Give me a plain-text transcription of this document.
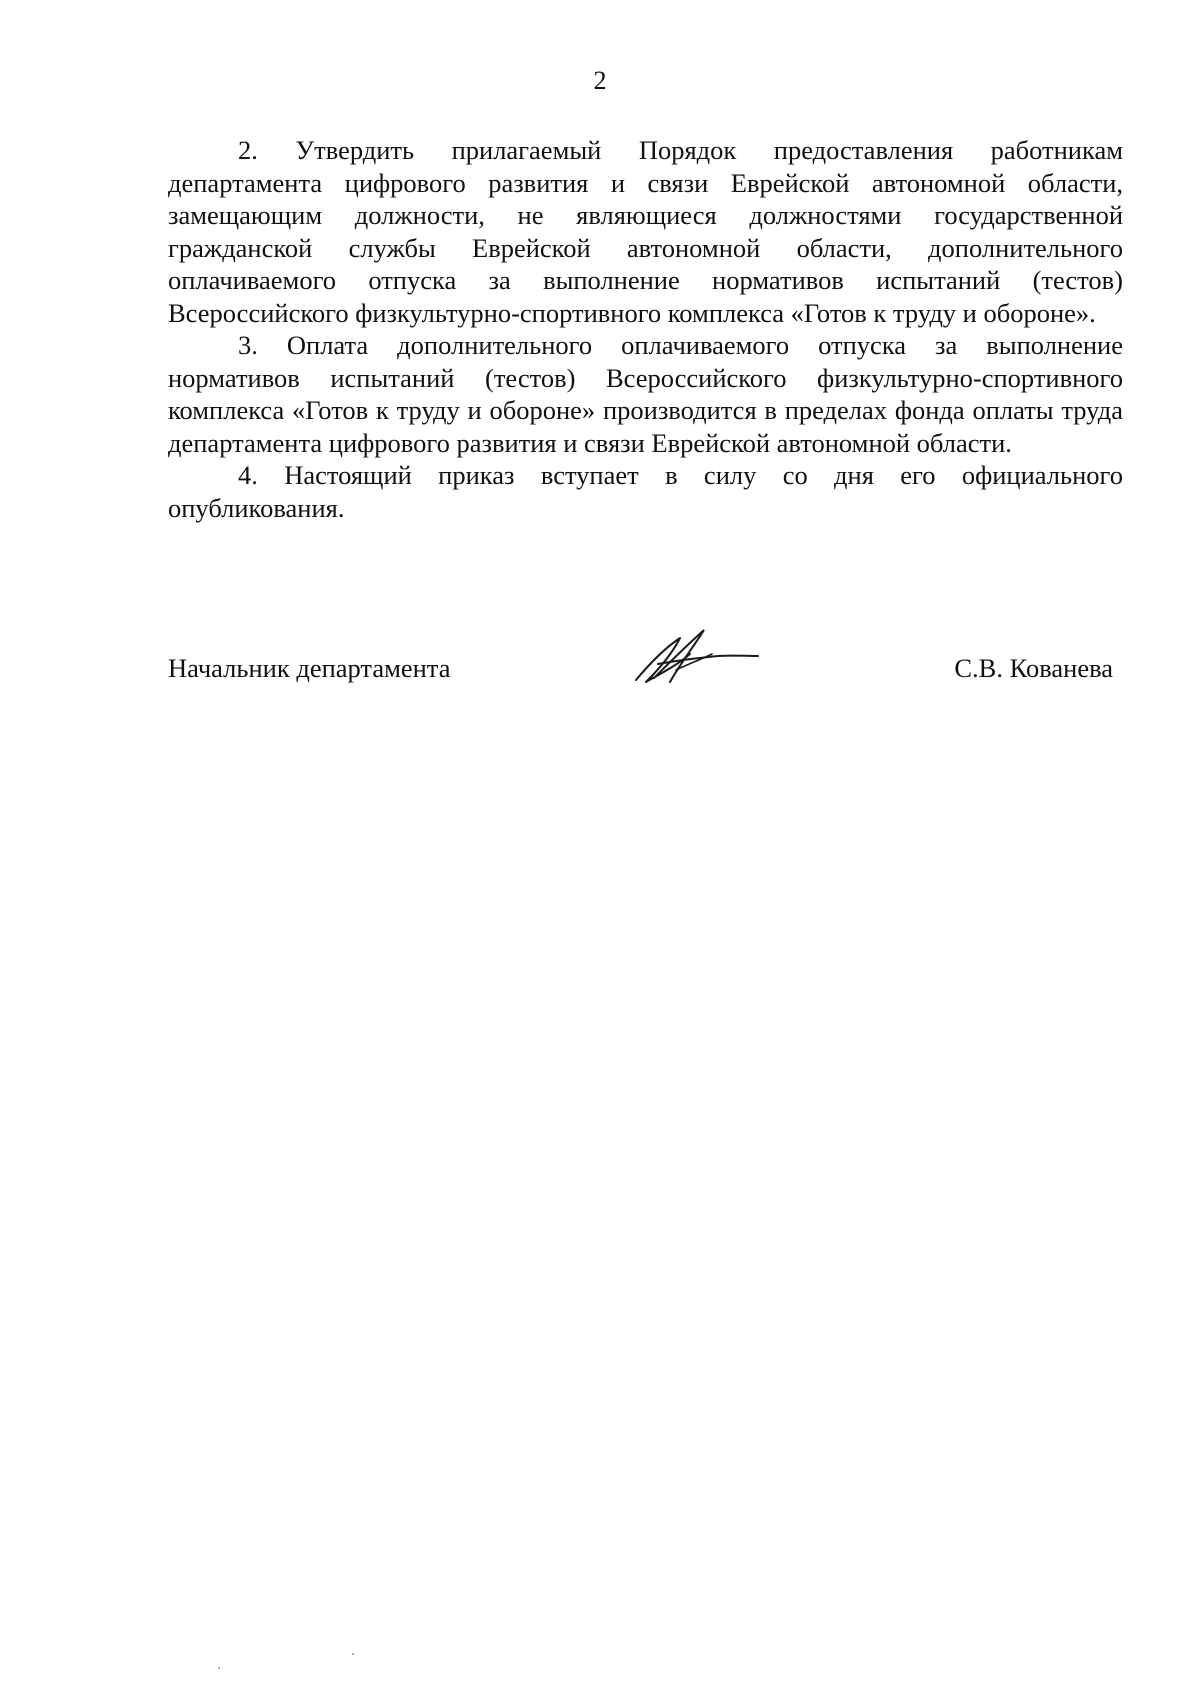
2

2. Утвердить прилагаемый Порядок предоставления работникам департамента цифрового развития и связи Еврейской автономной области, замещающим должности, не являющиеся должностями государственной гражданской службы Еврейской автономной области, дополнительного оплачиваемого отпуска за выполнение нормативов испытаний (тестов) Всероссийского физкультурно-спортивного комплекса «Готов к труду и обороне».

3. Оплата дополнительного оплачиваемого отпуска за выполнение нормативов испытаний (тестов) Всероссийского физкультурно-спортивного комплекса «Готов к труду и обороне» производится в пределах фонда оплаты труда департамента цифрового развития и связи Еврейской автономной области.

4. Настоящий приказ вступает в силу со дня его официального опубликования.

Начальник департамента	С.В. Кованева
